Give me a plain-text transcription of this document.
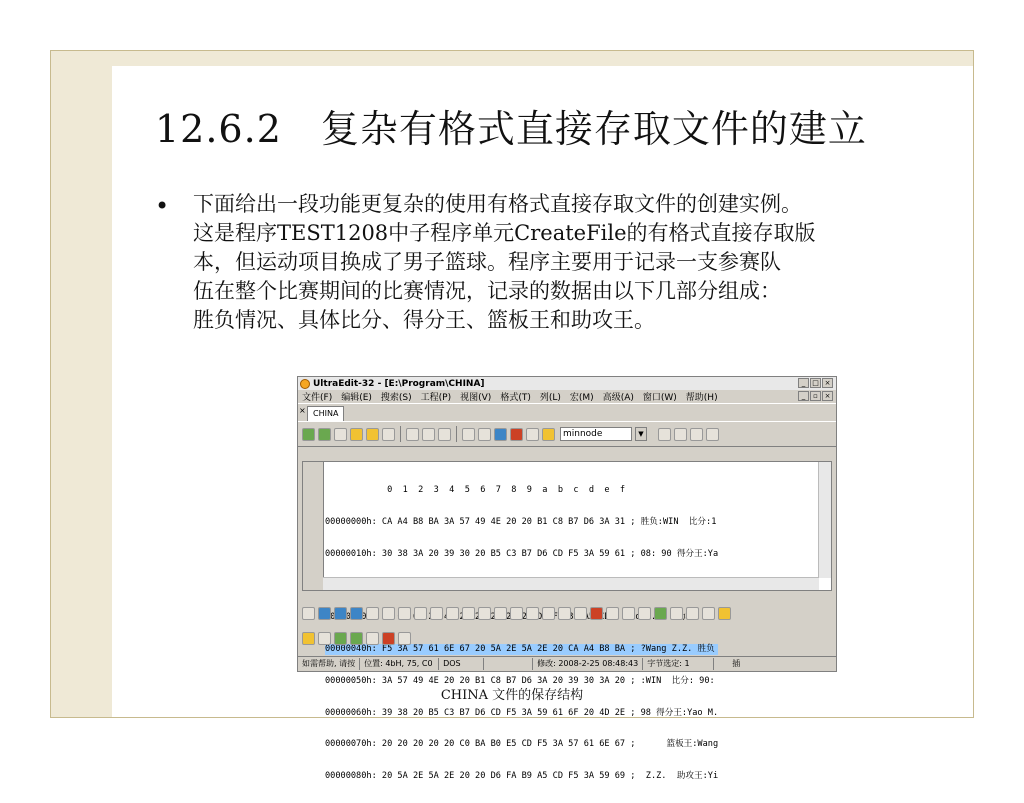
12.6.2　复杂有格式直接存取文件的建立
• 下面给出一段功能更复杂的使用有格式直接存取文件的创建实例。
这是程序TEST1208中子程序单元CreateFile的有格式直接存取版
本，但运动项目换成了男子篮球。程序主要用于记录一支参赛队
伍在整个比赛期间的比赛情况，记录的数据由以下几部分组成：
胜负情况、具体比分、得分王、篮板王和助攻王。
UltraEdit-32 - [E:\Program\CHINA]	_ □ ×
文件(F) 编辑(E) 搜索(S) 工程(P) 视图(V) 格式(T) 列(L) 宏(M) 高级(A) 窗口(W) 帮助(H)	_	▫ ×
× CHINA
minnode	▼

0  1  2  3  4  5  6  7  8  9  a  b  c  d  e  f

00000000h: CA A4 B8 BA 3A 57 49 4E 20 20 B1 C8 B7 D6 3A 31 ; 胜负:WIN  比分:1

00000010h: 30 38 3A 20 39 30 20 B5 C3 B7 D6 CD F5 3A 59 61 ; 08: 90 得分王:Ya

A5 CD

00000040h: F5 3A 57 61 6E 67 20 5A 2E 5A 2E 20 CA A4 B8 BA ; ?Wang Z.Z. 胜负

00000050h: 3A 57 49 4E 20 20 B1 C8 B7 D6 3A 20 39 30 3A 20 ; :WIN  比分: 90:

00000060h: 39 38 20 B5 C3 B7 D6 CD F5 3A 59 61 6F 20 4D 2E ; 98 得分王:Yao M.

00000070h: 20 20 20 20 20 C0 BA B0 E5 CD F5 3A 57 61 6E 67 ;      篮板王:Wang

00000080h: 20 5A 2E 5A 2E 20 20 D6 FA B9 A5 CD F5 3A 59 69 ;  Z.Z.  助攻王:Yi

如需帮助, 请按	位置: 4bH, 75, C0	DOS	修改: 2008-2-25 08:48:43	字节选定: 1	插
CHINA 文件的保存结构
